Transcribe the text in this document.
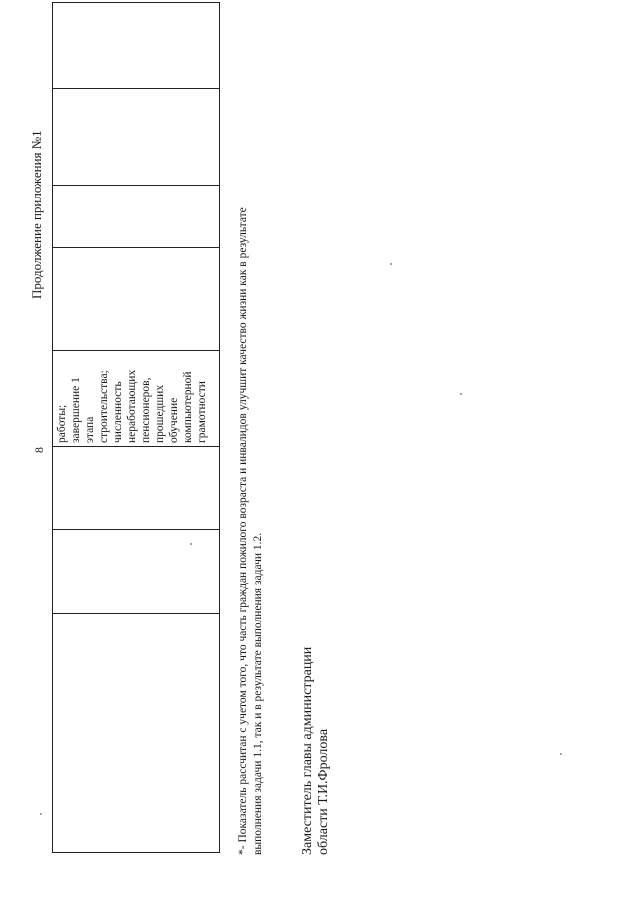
8
Продолжение приложения №1

работы; завершение 1 этапа строительства; численность неработающих пенсионеров, прошедших обучение компьютерной грамотности
					*- Показатель рассчитан с учетом того, что часть граждан пожилого возраста и инвалидов улучшит качество жизни как в результате выполнения задачи 1.1, так и в результате выполнения задачи 1.2.	Заместитель главы администрации области Т.И.Фролова
